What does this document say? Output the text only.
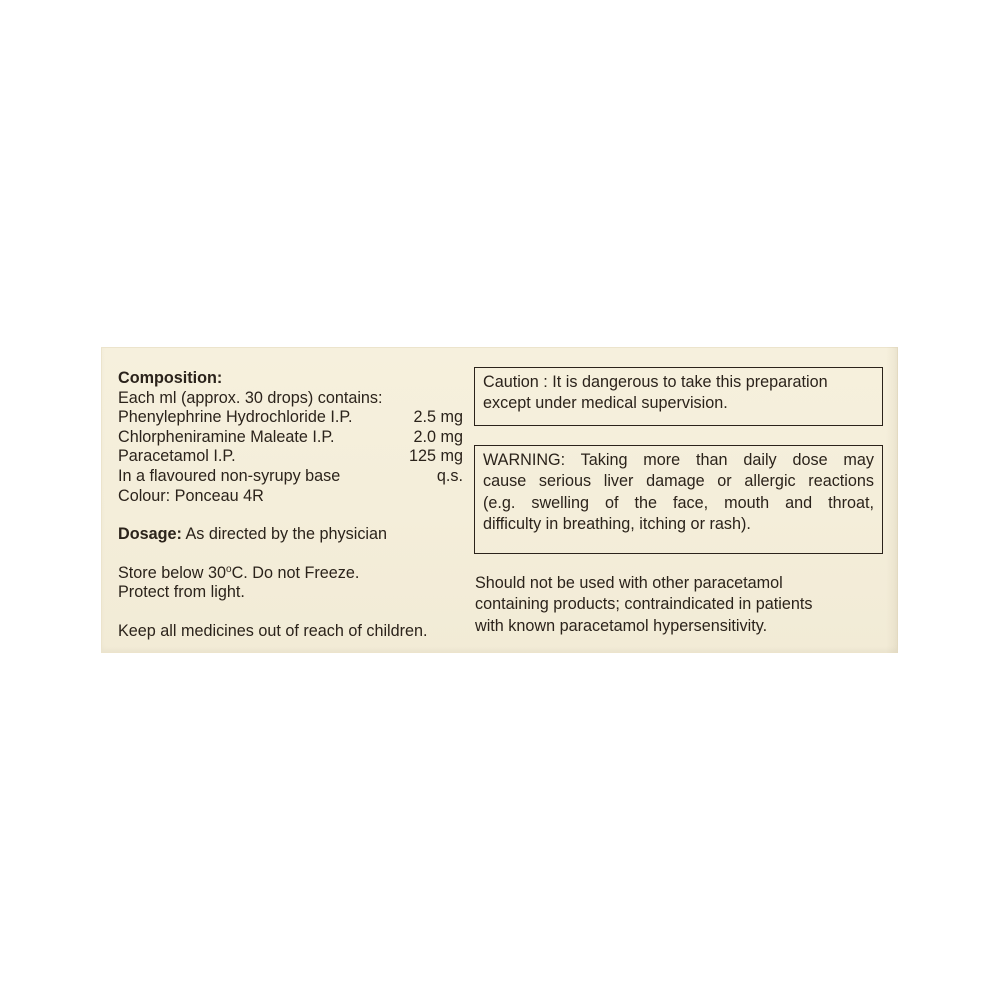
Composition:
Each ml (approx. 30 drops) contains:
Phenylephrine Hydrochloride I.P.	2.5 mg
Chlorpheniramine Maleate I.P.	2.0 mg
Paracetamol I.P.	125 mg
In a flavoured non-syrupy base	q.s.
Colour: Ponceau 4R
Dosage: As directed by the physician
Store below 30$^o$C. Do not Freeze.
Protect from light.
Keep all medicines out of reach of children.
Caution : It is dangerous to take this preparation
except under medical supervision.
WARNING: Taking more than daily dose may
cause serious liver damage or allergic reactions
(e.g. swelling of the face, mouth and throat,
difficulty in breathing, itching or rash).
Should not be used with other paracetamol
containing products; contraindicated in patients
with known paracetamol hypersensitivity.
